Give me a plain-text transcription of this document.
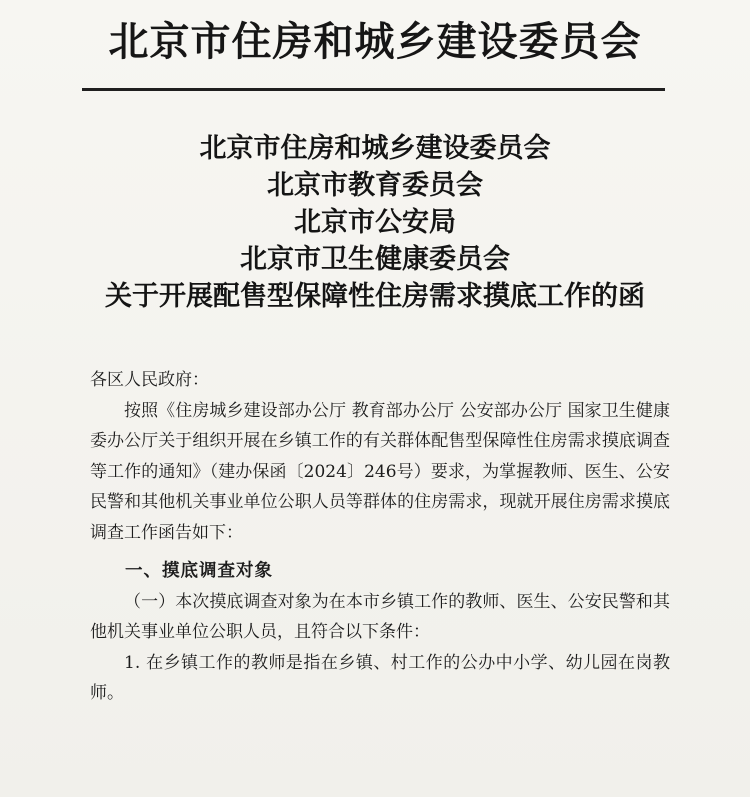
北京市住房和城乡建设委员会
北京市住房和城乡建设委员会
北京市教育委员会
北京市公安局
北京市卫生健康委员会
关于开展配售型保障性住房需求摸底工作的函

各区人民政府：

按照《住房城乡建设部办公厅 教育部办公厅 公安部办公厅 国家卫生健康委办公厅关于组织开展在乡镇工作的有关群体配售型保障性住房需求摸底调查等工作的通知》（建办保函〔2024〕246号）要求，为掌握教师、医生、公安民警和其他机关事业单位公职人员等群体的住房需求，现就开展住房需求摸底调查工作函告如下：

一、摸底调查对象

（一）本次摸底调查对象为在本市乡镇工作的教师、医生、公安民警和其他机关事业单位公职人员，且符合以下条件：

1. 在乡镇工作的教师是指在乡镇、村工作的公办中小学、幼儿园在岗教师。
